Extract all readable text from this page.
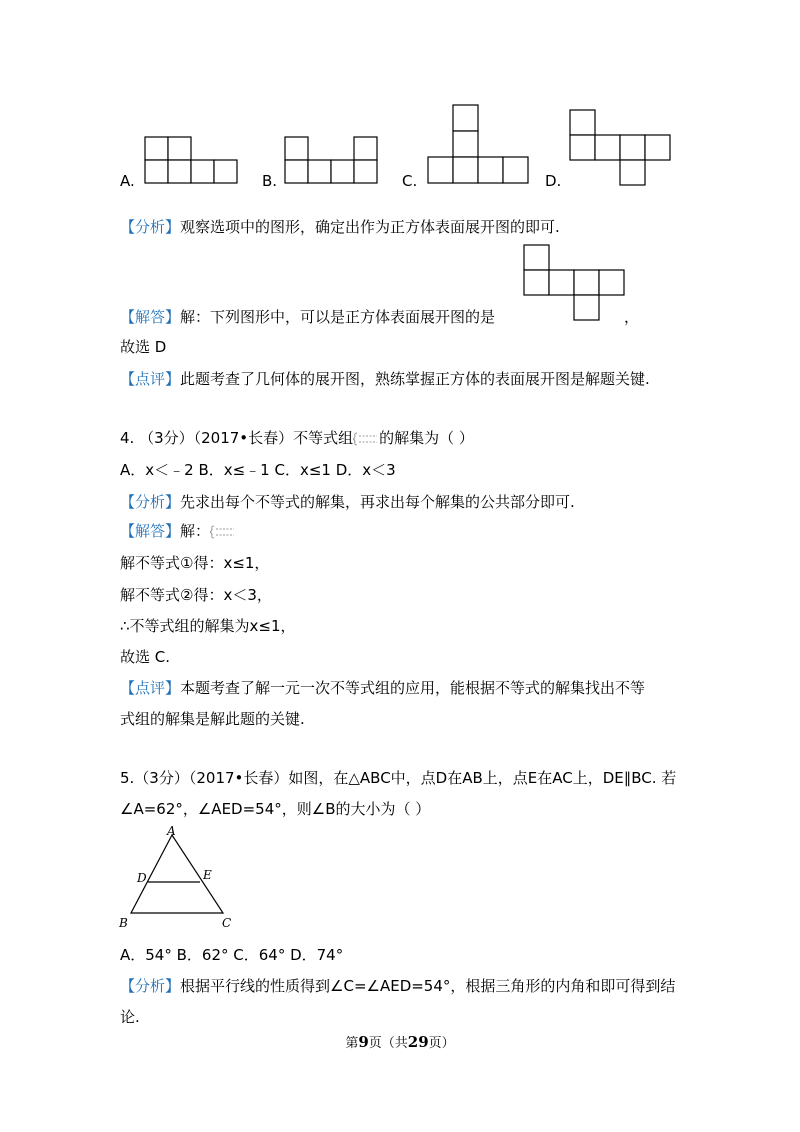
A.	B.	C.	D.
【分析】观察选项中的图形，确定出作为正方体表面展开图的即可.
【解答】解：下列图形中，可以是正方体表面展开图的是	，
故选 D
【点评】此题考查了几何体的展开图，熟练掌握正方体的表面展开图是解题关键.
4. （3分）（2017•长春）不等式组 的解集为（ ）
A．x＜﹣2 B．x≤﹣1 C．x≤1 D．x＜3
【分析】先求出每个不等式的解集，再求出每个解集的公共部分即可.
【解答】解：
解不等式①得：x≤1，
解不等式②得：x＜3，
∴不等式组的解集为x≤1，
故选 C.
【点评】本题考查了解一元一次不等式组的应用，能根据不等式的解集找出不等
式组的解集是解此题的关键.
5.（3分）（2017•长春）如图，在△ABC中，点D在AB上，点E在AC上，DE∥BC. 若
∠A=62°，∠AED=54°，则∠B的大小为（ ）
A
D	E
B	C
A．54° B．62° C．64° D．74°
【分析】根据平行线的性质得到∠C=∠AED=54°，根据三角形的内角和即可得到结
论.
第9页（共29页）
